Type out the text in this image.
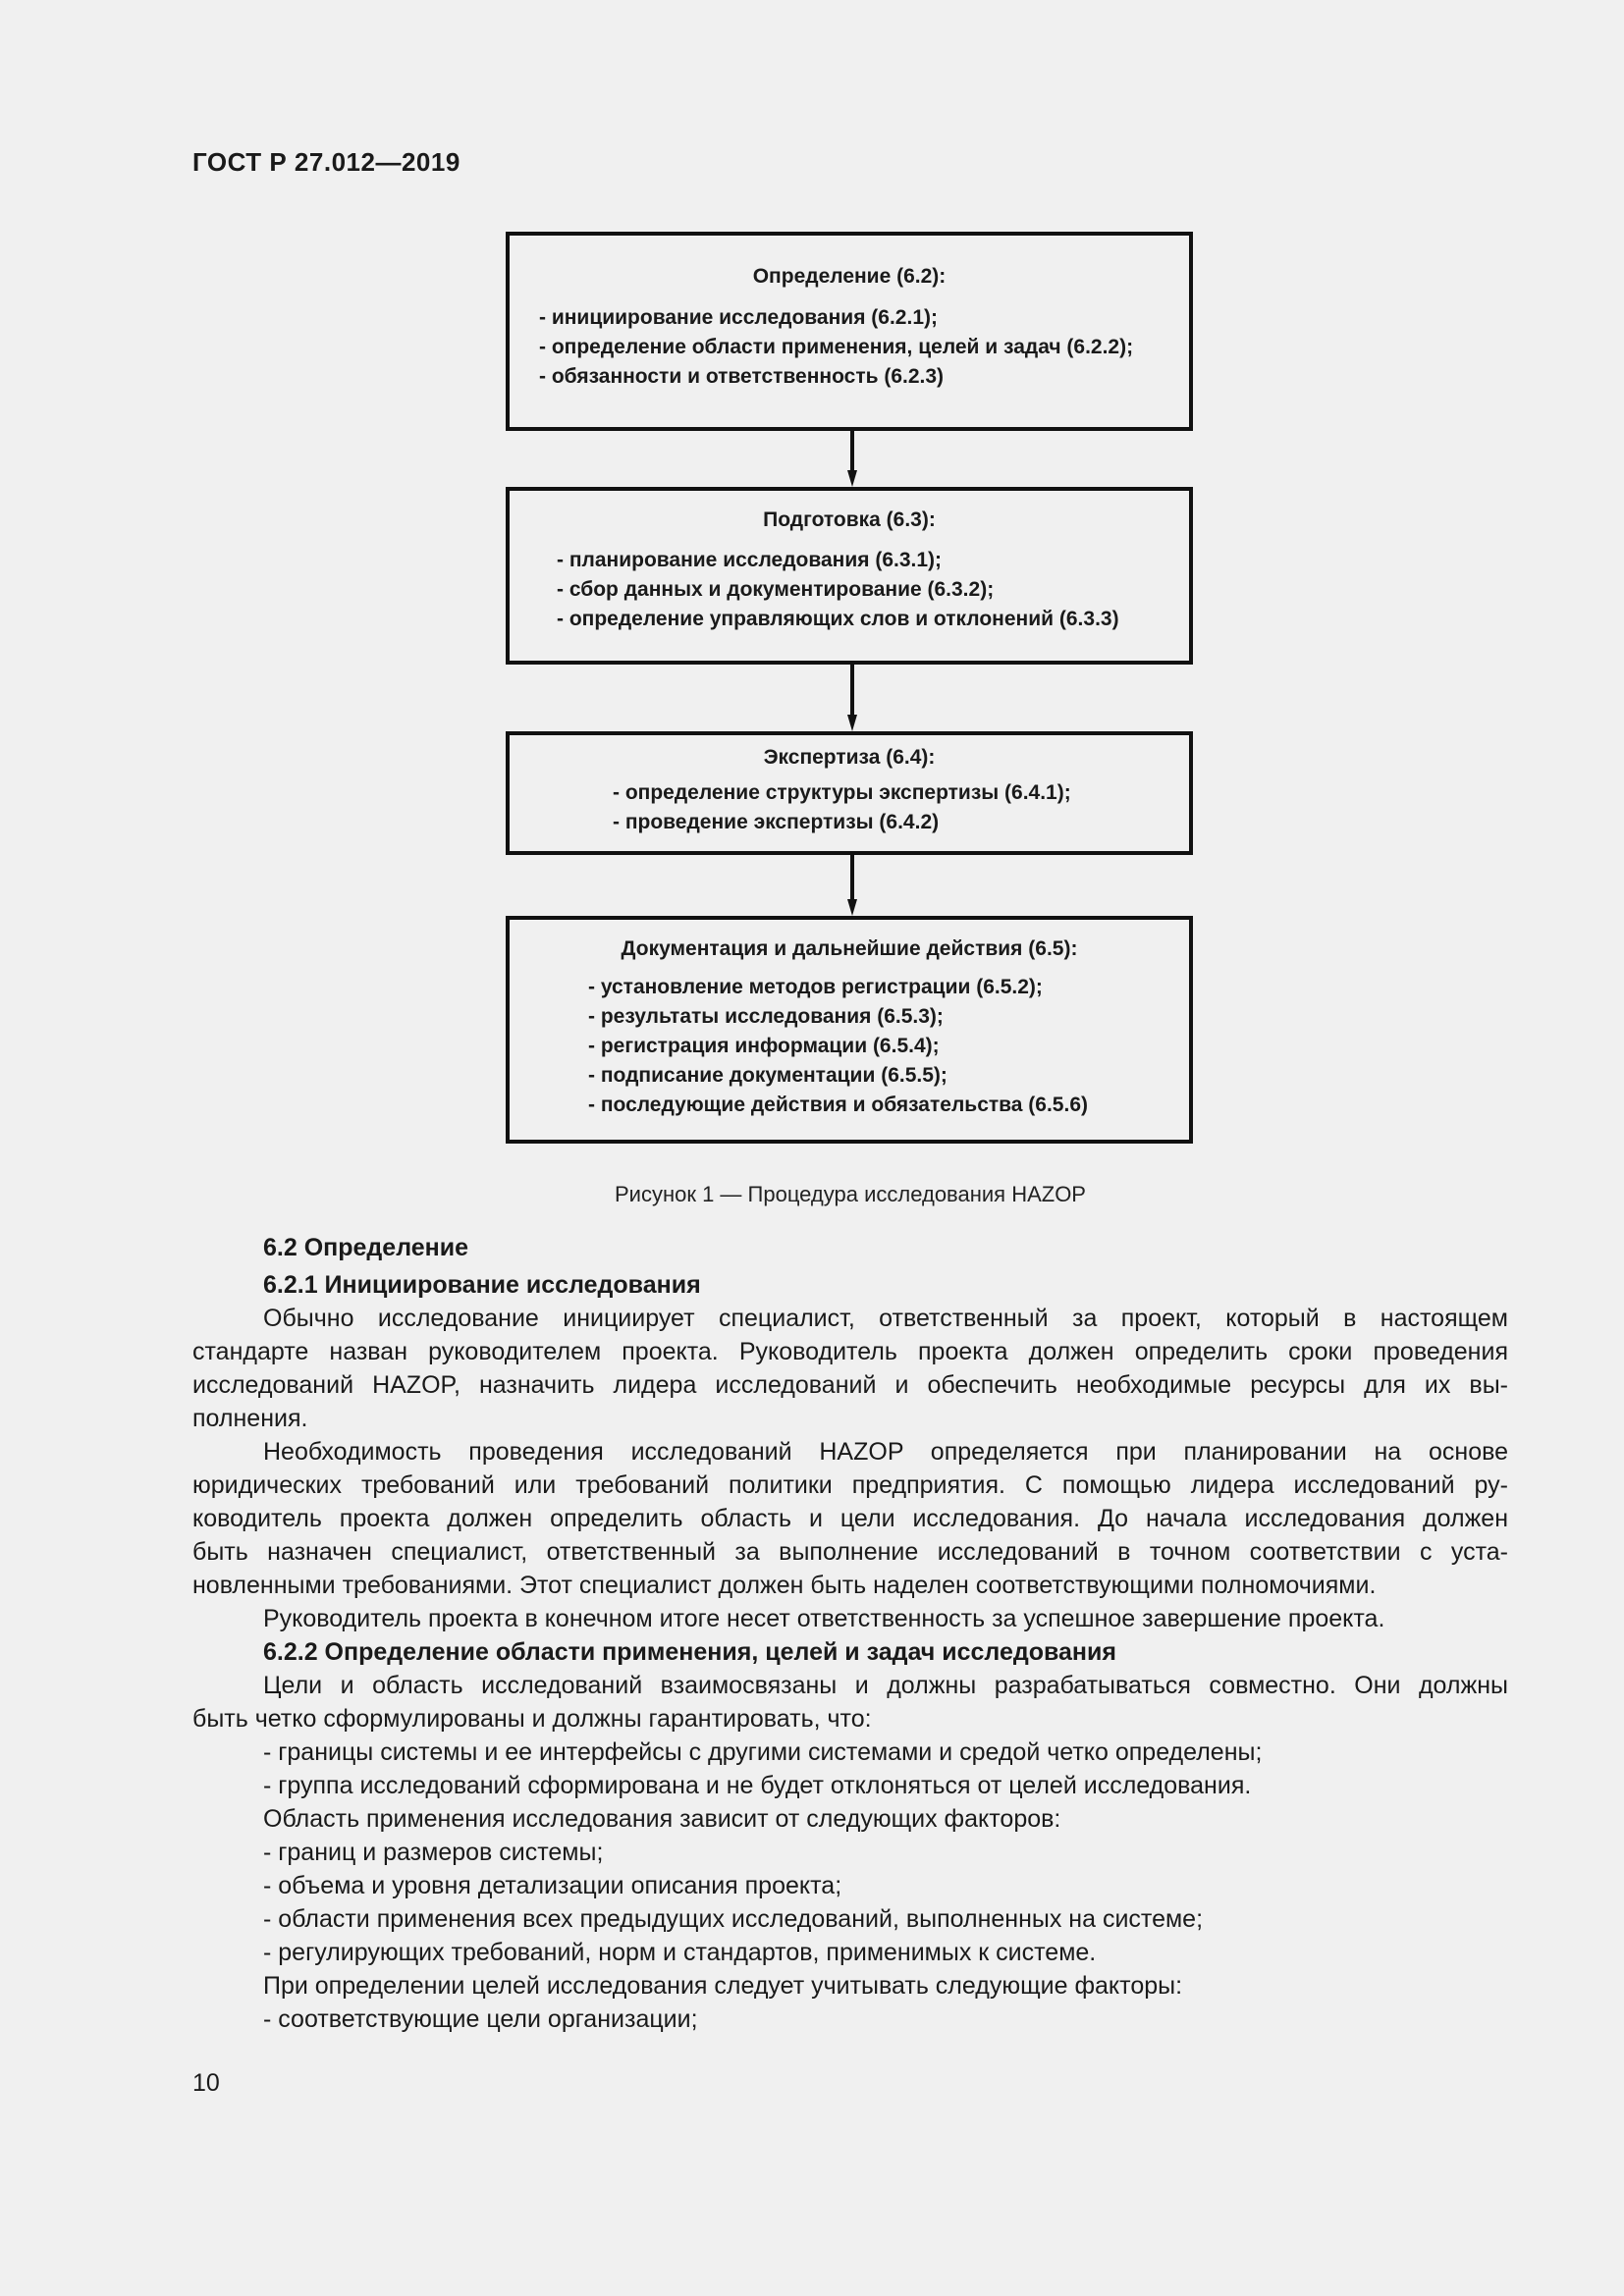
ГОСТ Р 27.012—2019
Определение (6.2):
- инициирование исследования (6.2.1);
- определение области применения, целей и задач (6.2.2);
- обязанности и ответственность (6.2.3)
Подготовка (6.3):
- планирование исследования (6.3.1);
- сбор данных и документирование (6.3.2);
- определение управляющих слов и отклонений (6.3.3)
Экспертиза (6.4):
- определение структуры экспертизы (6.4.1);
- проведение экспертизы (6.4.2)
Документация и дальнейшие действия (6.5):
- установление методов регистрации (6.5.2);
- результаты исследования (6.5.3);
- регистрация информации (6.5.4);
- подписание документации (6.5.5);
- последующие действия и обязательства (6.5.6)
Рисунок 1 — Процедура исследования HAZOP
6.2 Определение
6.2.1 Инициирование исследования
Обычно исследование инициирует специалист, ответственный за проект, который в настоящем
стандарте назван руководителем проекта. Руководитель проекта должен определить сроки проведения
исследований HAZOP, назначить лидера исследований и обеспечить необходимые ресурсы для их вы-
полнения.
Необходимость проведения исследований HAZOP определяется при планировании на основе
юридических требований или требований политики предприятия. С помощью лидера исследований ру-
ководитель проекта должен определить область и цели исследования. До начала исследования должен
быть назначен специалист, ответственный за выполнение исследований в точном соответствии с уста-
новленными требованиями. Этот специалист должен быть наделен соответствующими полномочиями.
Руководитель проекта в конечном итоге несет ответственность за успешное завершение проекта.
6.2.2 Определение области применения, целей и задач исследования
Цели и область исследований взаимосвязаны и должны разрабатываться совместно. Они должны
быть четко сформулированы и должны гарантировать, что:
- границы системы и ее интерфейсы с другими системами и средой четко определены;
- группа исследований сформирована и не будет отклоняться от целей исследования.
Область применения исследования зависит от следующих факторов:
- границ и размеров системы;
- объема и уровня детализации описания проекта;
- области применения всех предыдущих исследований, выполненных на системе;
- регулирующих требований, норм и стандартов, применимых к системе.
При определении целей исследования следует учитывать следующие факторы:
- соответствующие цели организации;
10
